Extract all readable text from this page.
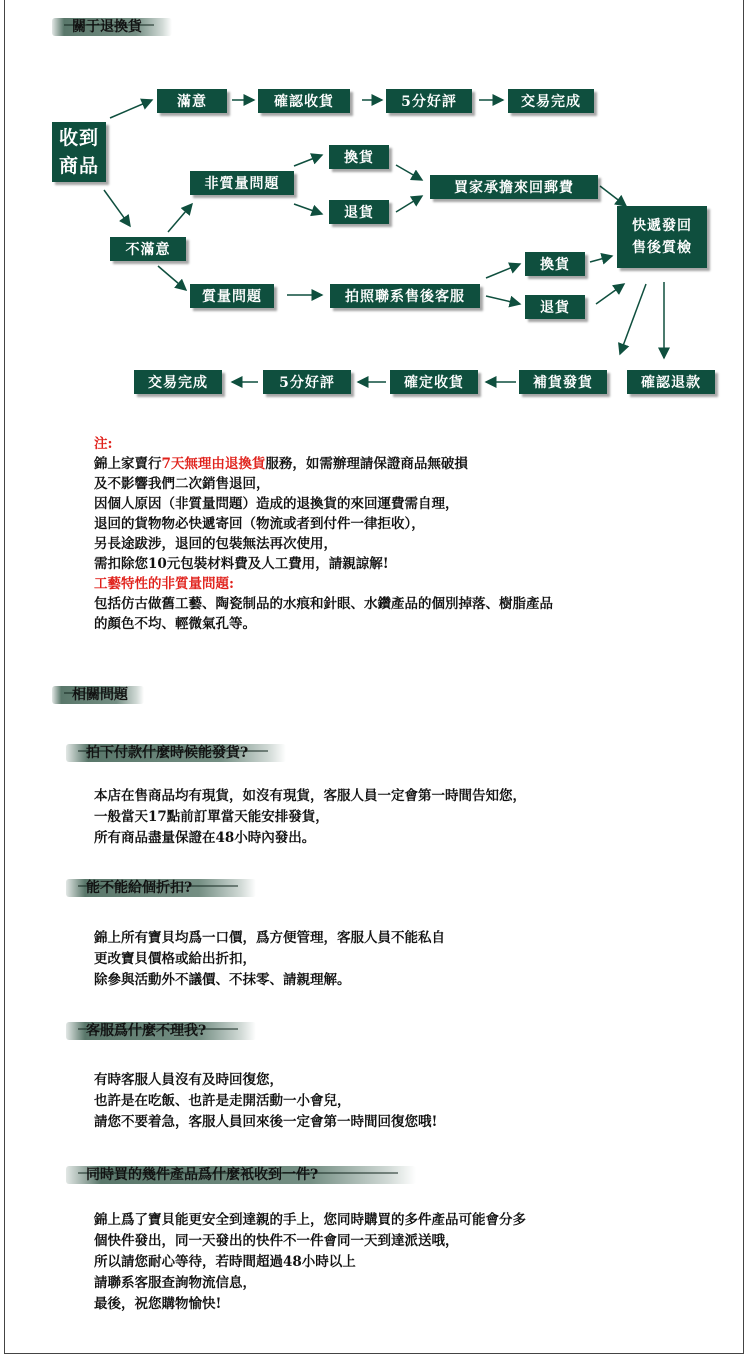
關于退換貨
收到
商品
滿意	確認收貨	5分好評	交易完成
不滿意
非質量問題
換貨
退貨
買家承擔來回郵費
快遞發回
售後質檢
質量問題	拍照聯系售後客服
換貨
退貨
確認退款
補貨發貨
確定收貨
5分好評
交易完成
注:
錦上家賣行7天無理由退換貨服務，如需辦理請保證商品無破損
及不影響我們二次銷售退回，
因個人原因（非質量問題）造成的退換貨的來回運費需自理，
退回的貨物物必快遞寄回（物流或者到付件一律拒收），
另長途跋涉，退回的包裝無法再次使用，
需扣除您10元包裝材料費及人工費用，請親諒解!
工藝特性的非質量問題:
包括仿古做舊工藝、陶瓷制品的水痕和針眼、水鑽產品的個別掉落、樹脂產品
的顏色不均、輕微氣孔等。
相關問題
拍下付款什麼時候能發貨?
本店在售商品均有現貨，如沒有現貨，客服人員一定會第一時間告知您，
一般當天17點前訂單當天能安排發貨，
所有商品盡量保證在48小時內發出。
能不能給個折扣?
錦上所有寶貝均爲一口價，爲方便管理，客服人員不能私自
更改寶貝價格或給出折扣，
除參與活動外不議價、不抹零、請親理解。
客服爲什麼不理我?
有時客服人員沒有及時回復您，
也許是在吃飯、也許是走開活動一小會兒，
請您不要着急，客服人員回來後一定會第一時間回復您哦!
同時買的幾件產品爲什麼衹收到一件?
錦上爲了寶貝能更安全到達親的手上，您同時購買的多件產品可能會分多
個快件發出，同一天發出的快件不一件會同一天到達派送哦，
所以請您耐心等待，若時間超過48小時以上
請聯系客服查詢物流信息，
最後，祝您購物愉快!
